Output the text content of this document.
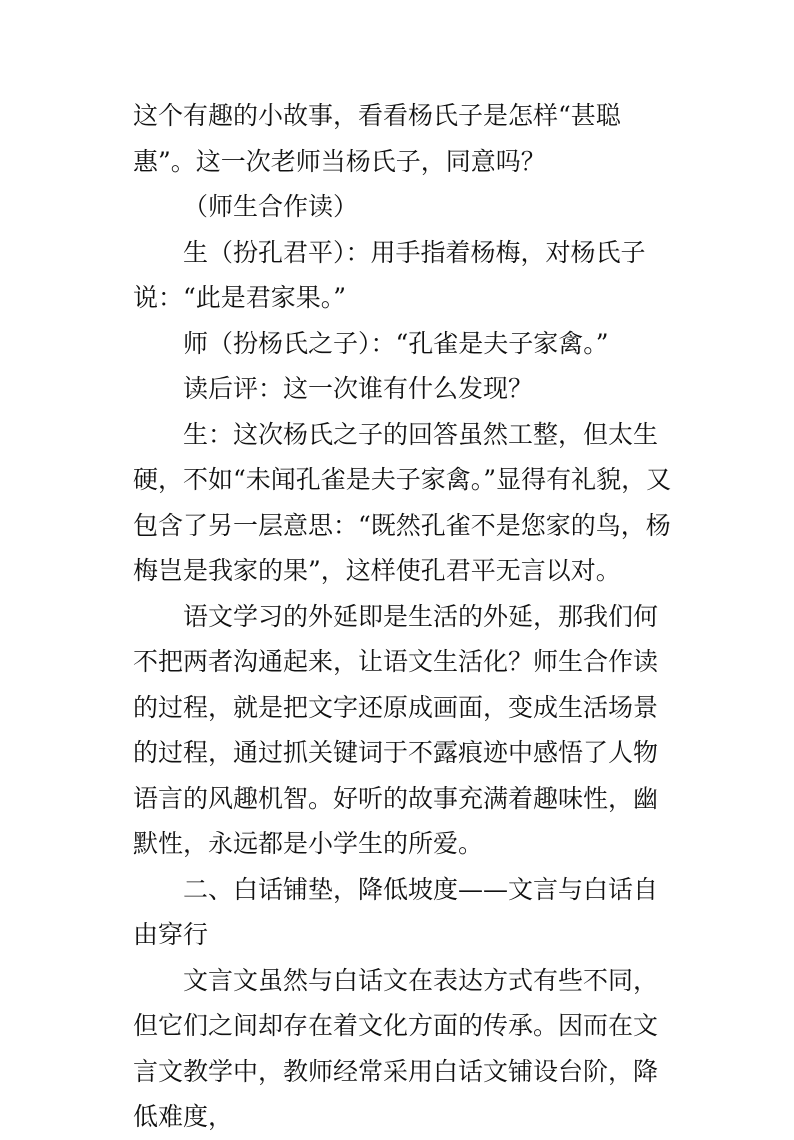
这个有趣的小故事，看看杨氏子是怎样“甚聪惠”。这一次老师当杨氏子，同意吗？

（师生合作读）

生（扮孔君平）：用手指着杨梅，对杨氏子说：“此是君家果。”

师（扮杨氏之子）：“孔雀是夫子家禽。”

读后评：这一次谁有什么发现？

生：这次杨氏之子的回答虽然工整，但太生硬，不如“未闻孔雀是夫子家禽。”显得有礼貌，又包含了另一层意思：“既然孔雀不是您家的鸟，杨梅岂是我家的果”，这样使孔君平无言以对。

语文学习的外延即是生活的外延，那我们何不把两者沟通起来，让语文生活化？师生合作读的过程，就是把文字还原成画面，变成生活场景的过程，通过抓关键词于不露痕迹中感悟了人物语言的风趣机智。好听的故事充满着趣味性，幽默性，永远都是小学生的所爱。

二、白话铺垫，降低坡度——文言与白话自由穿行

文言文虽然与白话文在表达方式有些不同，但它们之间却存在着文化方面的传承。因而在文言文教学中，教师经常采用白话文铺设台阶，降低难度，
